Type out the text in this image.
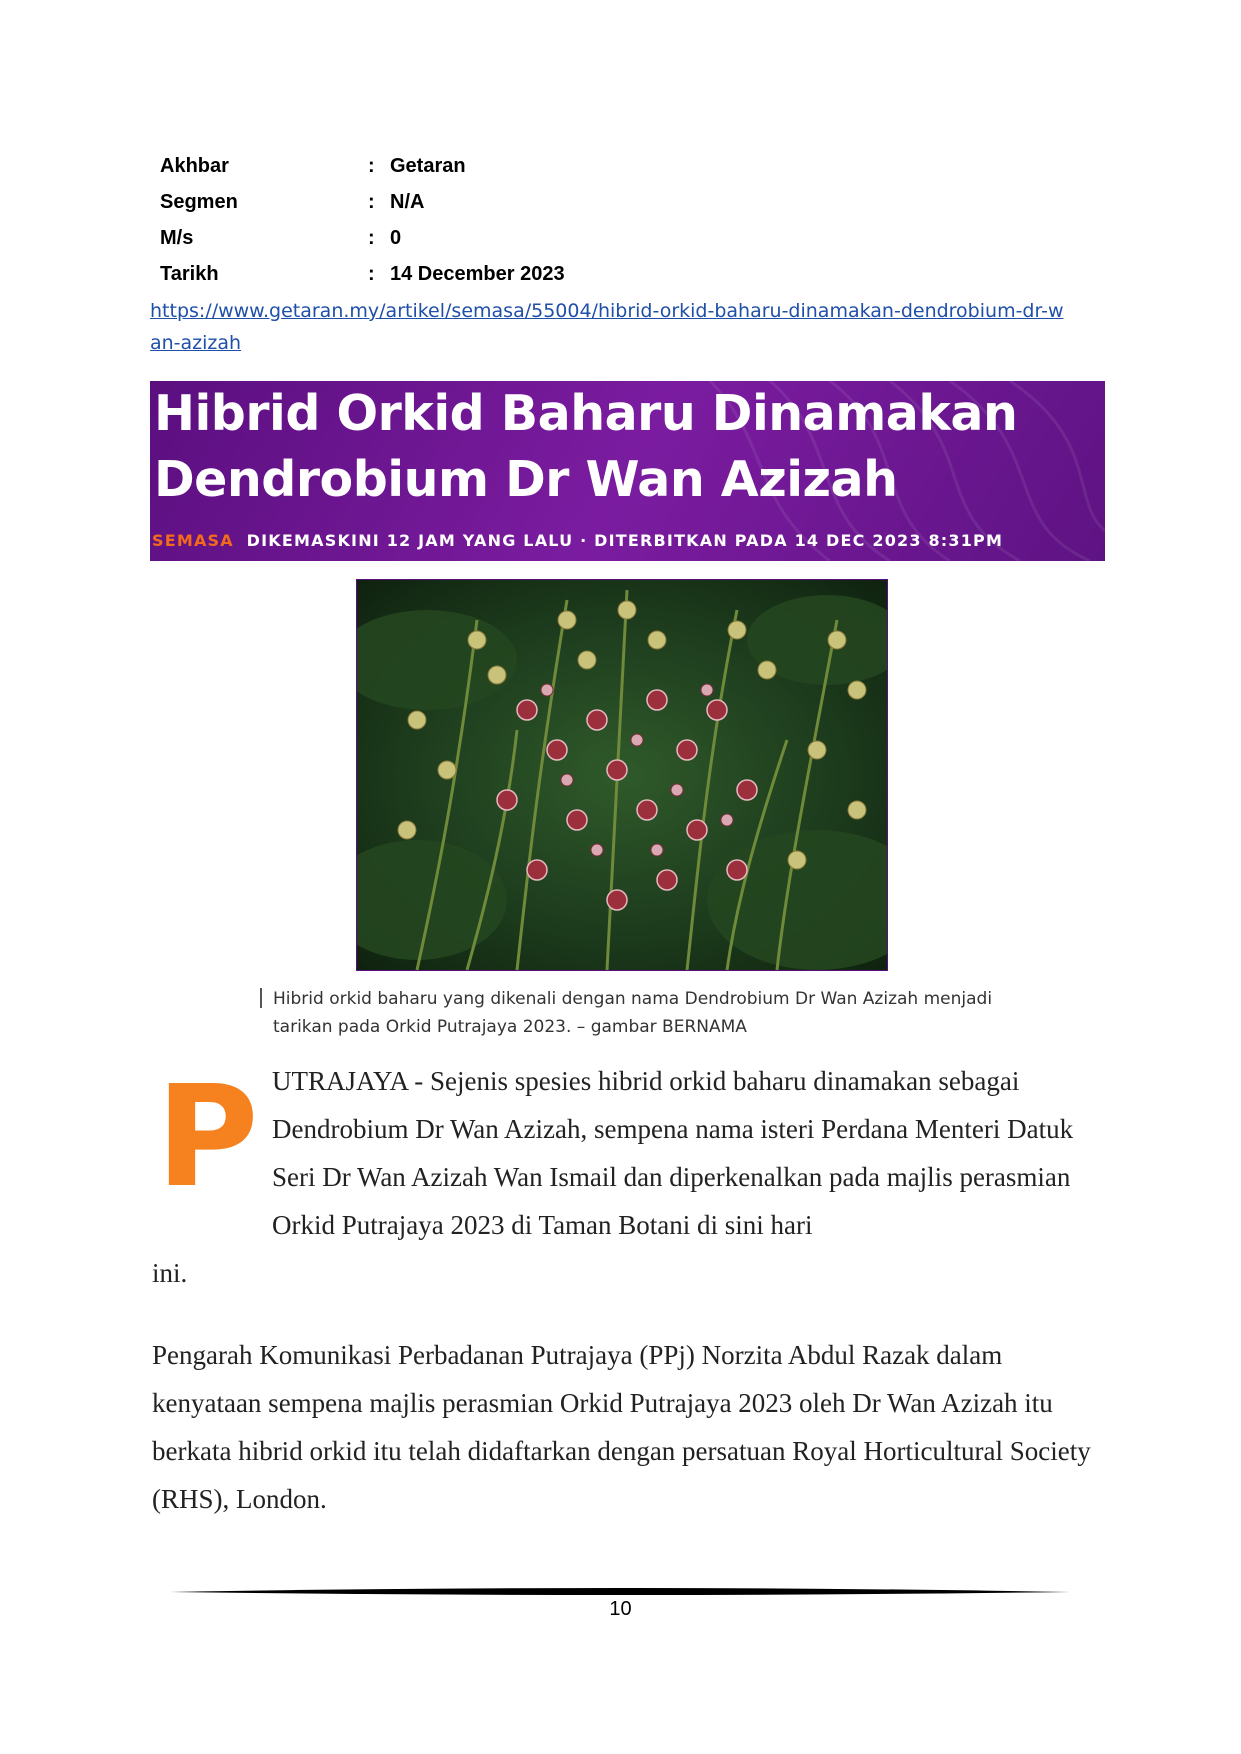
Akhbar	: Getaran
Segmen	: N/A
M/s	: 0
Tarikh	: 14 December 2023
https://www.getaran.my/artikel/semasa/55004/hibrid-orkid-baharu-dinamakan-dendrobium-dr-wan-azizah
Hibrid Orkid Baharu Dinamakan Dendrobium Dr Wan Azizah
SEMASA DIKEMASKINI 12 JAM YANG LALU · DITERBITKAN PADA 14 DEC 2023 8:31PM
Hibrid orkid baharu yang dikenali dengan nama Dendrobium Dr Wan Azizah menjadi tarikan pada Orkid Putrajaya 2023. – gambar BERNAMA
P UTRAJAYA - Sejenis spesies hibrid orkid baharu dinamakan sebagai Dendrobium Dr Wan Azizah, sempena nama isteri Perdana Menteri Datuk Seri Dr Wan Azizah Wan Ismail dan diperkenalkan pada majlis perasmian Orkid Putrajaya 2023 di Taman Botani di sini hari
ini.
Pengarah Komunikasi Perbadanan Putrajaya (PPj) Norzita Abdul Razak dalam kenyataan sempena majlis perasmian Orkid Putrajaya 2023 oleh Dr Wan Azizah itu berkata hibrid orkid itu telah didaftarkan dengan persatuan Royal Horticultural Society (RHS), London.
10
